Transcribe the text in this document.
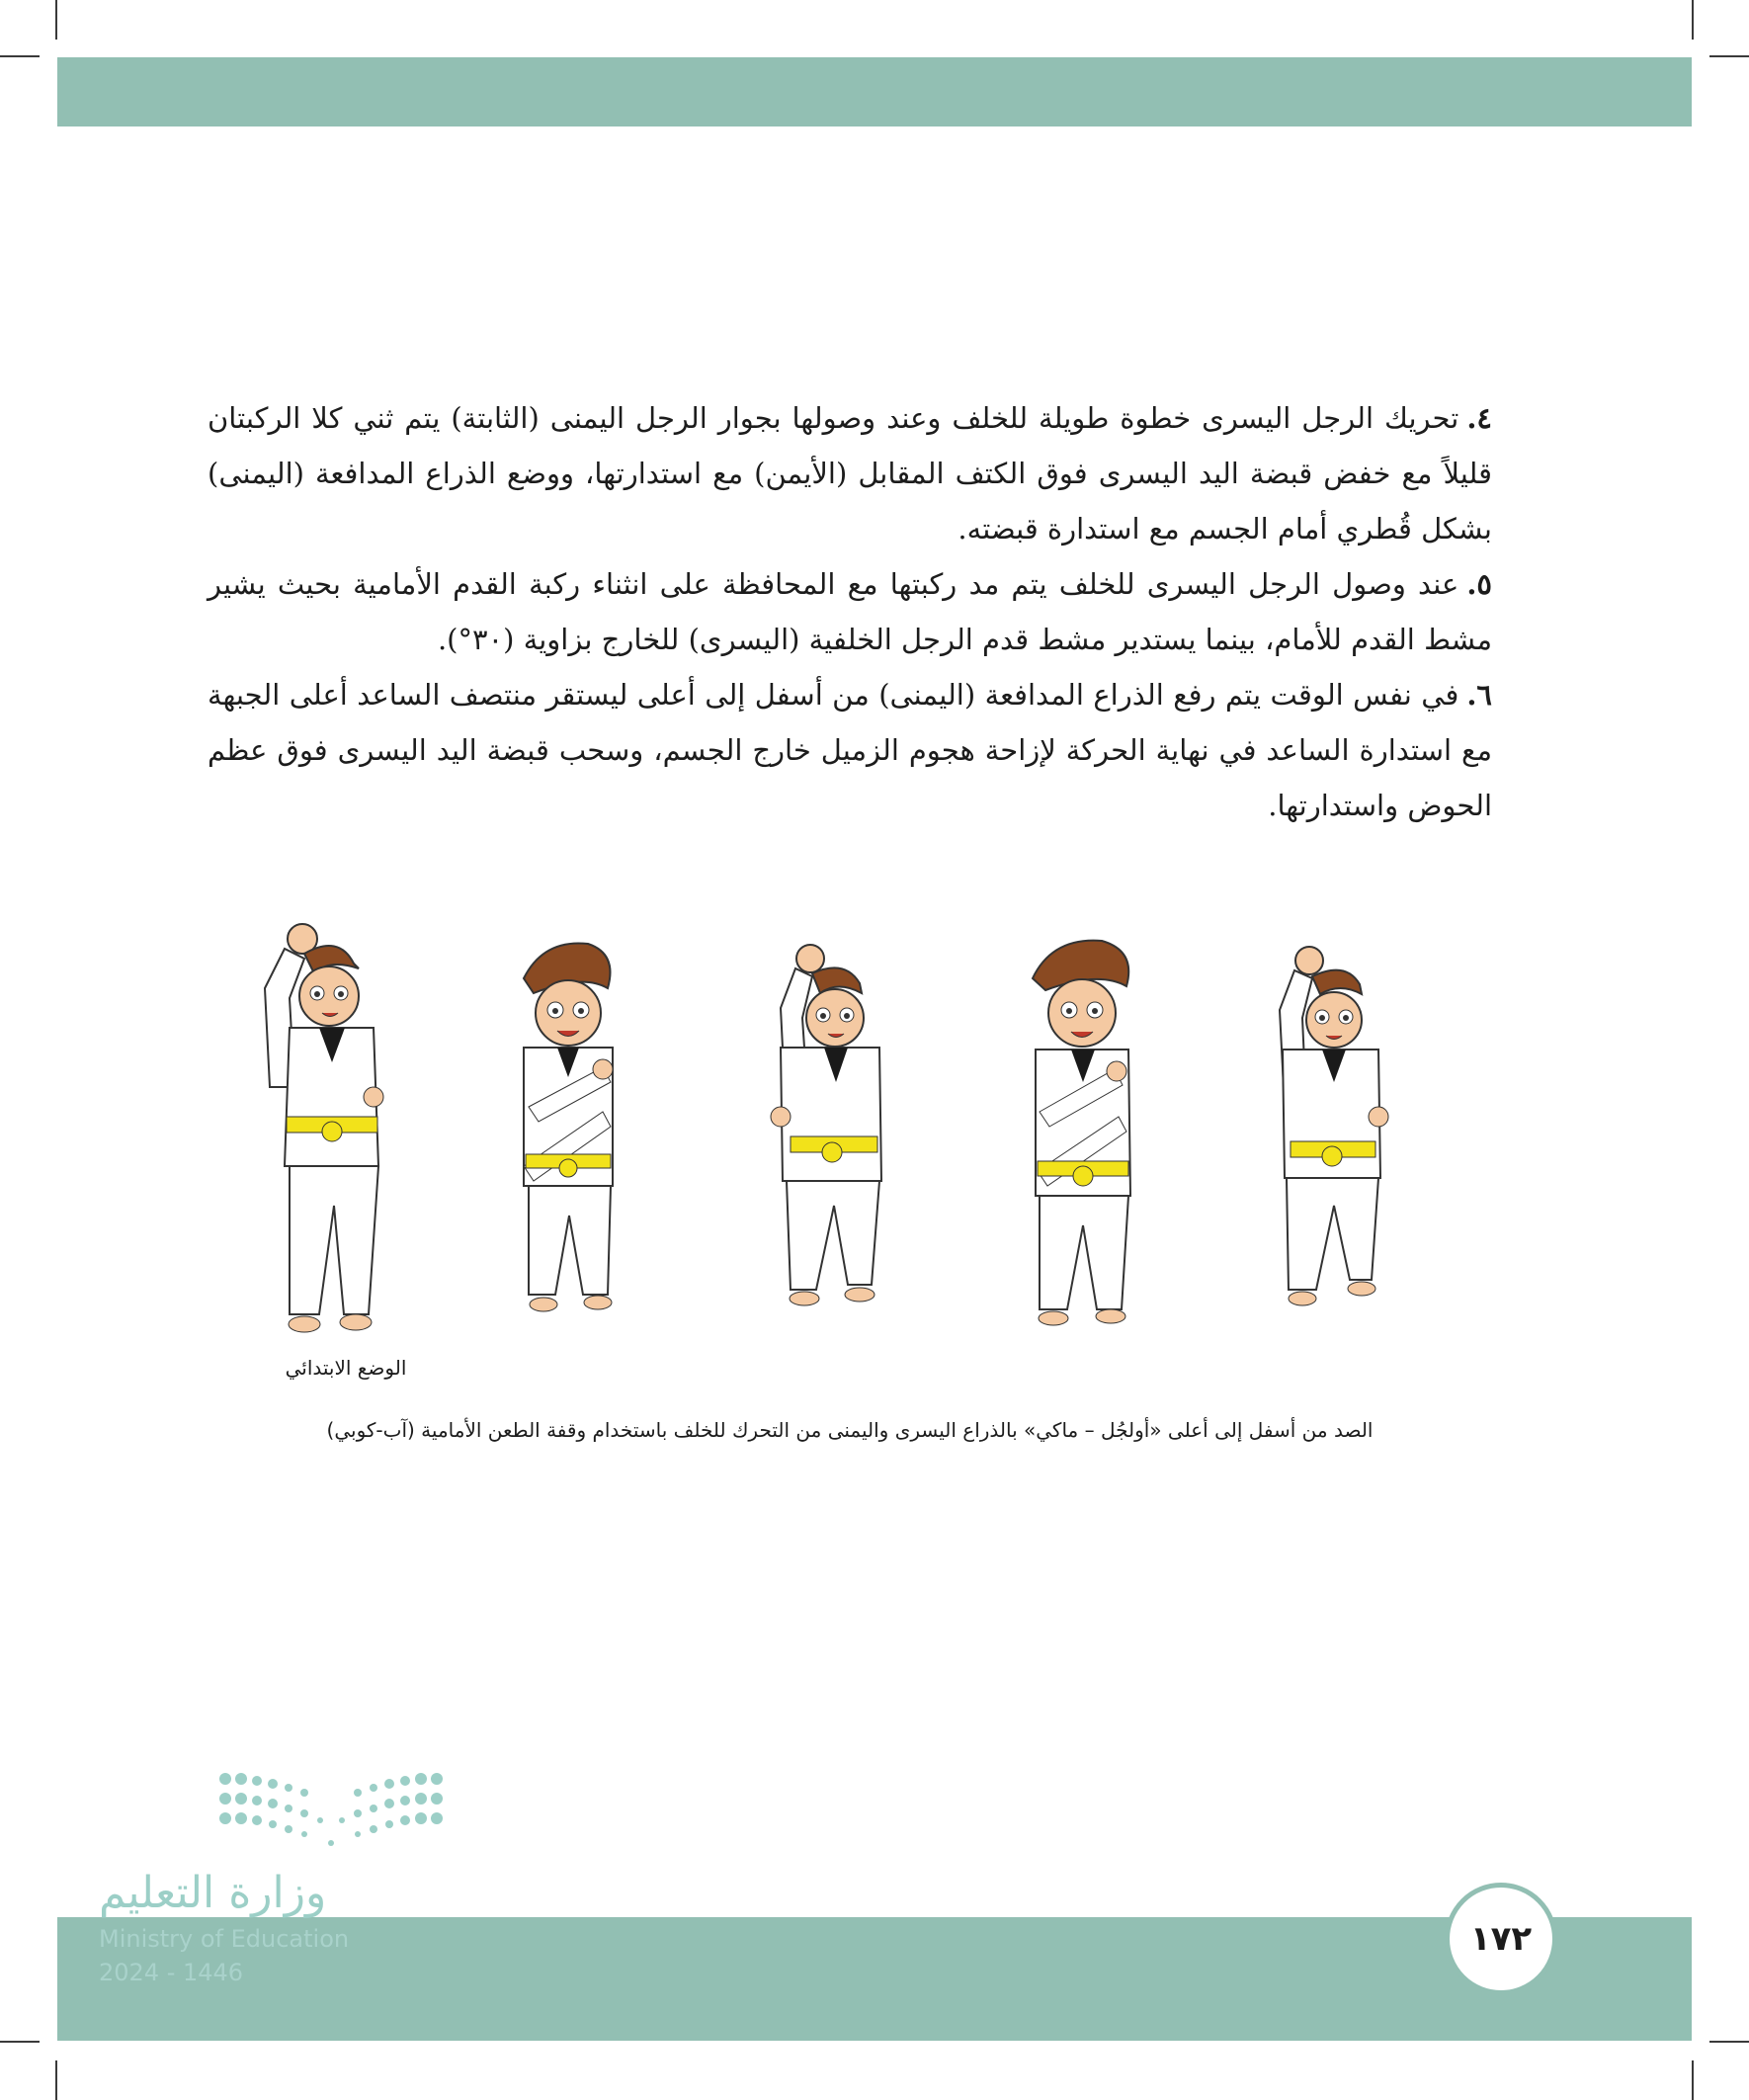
٤.تحريك الرجل اليسرى خطوة طويلة للخلف وعند وصولها بجوار الرجل اليمنى (الثابتة) يتم ثني كلا الركبتان قليلاً مع خفض قبضة اليد اليسرى فوق الكتف المقابل (الأيمن) مع استدارتها، ووضع الذراع المدافعة (اليمنى) بشكل قُطري أمام الجسم مع استدارة قبضته.

٥.عند وصول الرجل اليسرى للخلف يتم مد ركبتها مع المحافظة على انثناء ركبة القدم الأمامية بحيث يشير مشط القدم للأمام، بينما يستدير مشط قدم الرجل الخلفية (اليسرى) للخارج بزاوية (٣٠°).

٦.في نفس الوقت يتم رفع الذراع المدافعة (اليمنى) من أسفل إلى أعلى ليستقر منتصف الساعد أعلى الجبهة مع استدارة الساعد في نهاية الحركة لإزاحة هجوم الزميل خارج الجسم، وسحب قبضة اليد اليسرى فوق عظم الحوض واستدارتها.

الوضع الابتدائي
الصد من أسفل إلى أعلى «أولجُل – ماكي» بالذراع اليسرى واليمنى من التحرك للخلف باستخدام وقفة الطعن الأمامية (آب-كوبي)
وزارة التعليم
Ministry of Education
2024 - 1446
١٧٢
